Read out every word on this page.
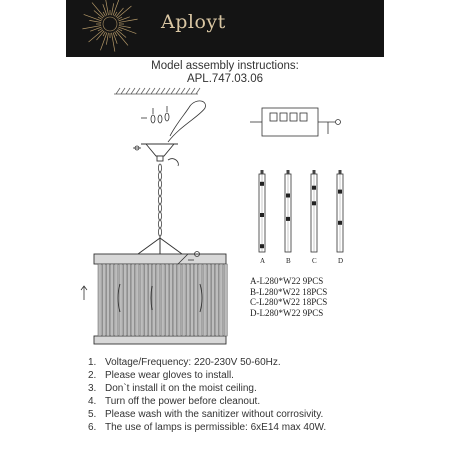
Aployt
Model assembly instructions:
APL.747.03.06
A	B	C	D
A-L280*W22 9PCS
B-L280*W22 18PCS
C-L280*W22 18PCS
D-L280*W22 9PCS
1. Voltage/Frequency: 220-230V 50-60Hz.
2. Please wear gloves to install.
3. Don`t install it on the moist ceiling.
4. Turn off the power before cleanout.
5. Please wash with the sanitizer without corrosivity.
6. The use of lamps is permissible: 6xE14 max 40W.
